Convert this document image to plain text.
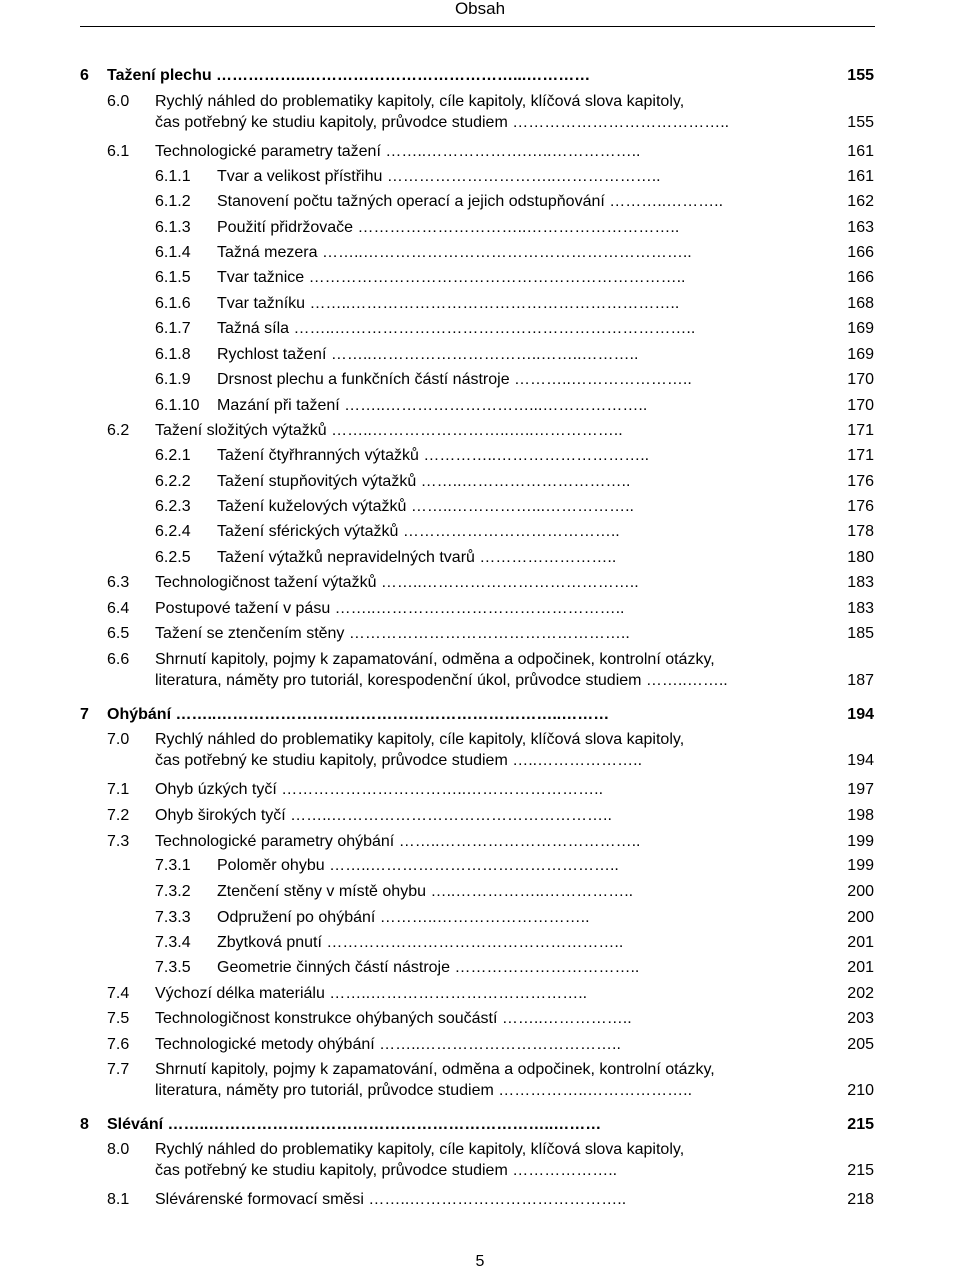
Obsah
6 Tažení plechu ……………..…………………………………...…………	155
6.0 Rychlý náhled do problematiky kapitoly, cíle kapitoly, klíčová slova kapitoly,
čas potřebný ke studiu kapitoly, průvodce studiem …………………………………..	155
6.1 Technologické parametry tažení ……..……………….…..……………..	161
6.1.1 Tvar a velikost přístřihu …………………………..………………..	161
6.1.2 Stanovení počtu tažných operací a jejich odstupňování ………..………..	162
6.1.3 Použití přidržovače …………………………..………………………..	163
6.1.4 Tažná mezera ……..……………………………………………………..	166
6.1.5 Tvar tažnice ……………………………………………………………..	166
6.1.6 Tvar tažníku ……..……………………………………………………..	168
6.1.7 Tažná síla ……..…………………………………………………………..	169
6.1.8 Rychlost tažení ……..…………………………..……..………..	169
6.1.9 Drsnost plechu a funkčních částí nástroje ………..…………………..	170
6.1.10 Mazání při tažení ……..………………………...………………..	170
6.2 Tažení složitých výtažků ……..……………………..…..……………..	171
6.2.1 Tažení čtyřhranných výtažků …………..………………………..	171
6.2.2 Tažení stupňovitých výtažků ……..…………………………..	176
6.2.3 Tažení kuželových výtažků ……..……………...……………..	176
6.2.4 Tažení sférických výtažků …………………………………..	178
6.2.5 Tažení výtažků nepravidelných tvarů ……………………..	180
6.3 Technologičnost tažení výtažků ……..…………………………………..	183
6.4 Postupové tažení v pásu ……..………………………………………..	183
6.5 Tažení se ztenčením stěny ……………………………………………..	185
6.6 Shrnutí kapitoly, pojmy k zapamatování, odměna a odpočinek, kontrolní otázky,
literatura, náměty pro tutoriál, korespodenční úkol, průvodce studiem ……..……..	187
7 Ohýbání ……..………………………………………………………..………	194
7.0 Rychlý náhled do problematiky kapitoly, cíle kapitoly, klíčová slova kapitoly,
čas potřebný ke studiu kapitoly, průvodce studiem …..………………..	194
7.1 Ohyb úzkých tyčí ……………………………..……………………..	197
7.2 Ohyb širokých tyčí ……..……………………………………………..	198
7.3 Technologické parametry ohýbání ……..………………………………..	199
7.3.1 Poloměr ohybu ……..………………………………………..	199
7.3.2 Ztenčení stěny v místě ohybu …..……………..……………..	200
7.3.3 Odpružení po ohýbání ………..………………………..	200
7.3.4 Zbytková pnutí ………………………………………………..	201
7.3.5 Geometrie činných částí nástroje ……………………………..	201
7.4 Výchozí délka materiálu ……..…………………………………..	202
7.5 Technologičnost konstrukce ohýbaných součástí ……..……………..	203
7.6 Technologické metody ohýbání ……..………………………………..	205
7.7 Shrnutí kapitoly, pojmy k zapamatování, odměna a odpočinek, kontrolní otázky,
literatura, náměty pro tutoriál, průvodce studiem ……………..………………..	210
8 Slévání ……..………………………………………………………..………	215
8.0 Rychlý náhled do problematiky kapitoly, cíle kapitoly, klíčová slova kapitoly,
čas potřebný ke studiu kapitoly, průvodce studiem ………………..	215
8.1 Slévárenské formovací směsi ……..…………………………………..	218
5
